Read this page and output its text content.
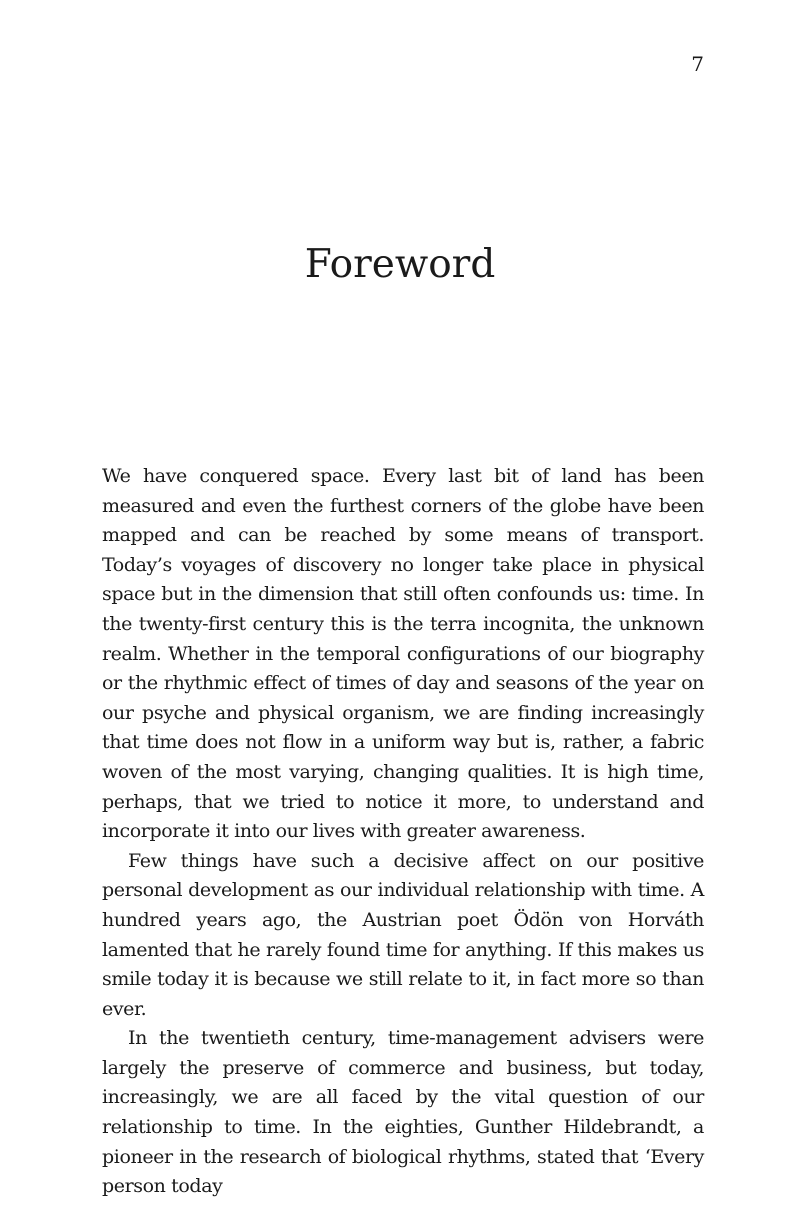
7
Foreword

We have conquered space. Every last bit of land has been measured and even the furthest corners of the globe have been mapped and can be reached by some means of transport. Today’s voyages of discovery no longer take place in physical space but in the dimension that still often confounds us: time. In the twenty-first century this is the terra incognita, the unknown realm. Whether in the temporal configurations of our biography or the rhythmic effect of times of day and seasons of the year on our psyche and physical organism, we are finding increasingly that time does not flow in a uniform way but is, rather, a fabric woven of the most varying, changing qualities. It is high time, perhaps, that we tried to notice it more, to understand and incorporate it into our lives with greater awareness.

Few things have such a decisive affect on our positive personal development as our individual relationship with time. A hundred years ago, the Austrian poet Ödön von Horváth lamented that he rarely found time for anything. If this makes us smile today it is because we still relate to it, in fact more so than ever.

In the twentieth century, time-management advisers were largely the preserve of commerce and business, but today, increasingly, we are all faced by the vital question of our relationship to time. In the eighties, Gunther Hildebrandt, a pioneer in the research of biological rhythms, stated that ‘Every person today
